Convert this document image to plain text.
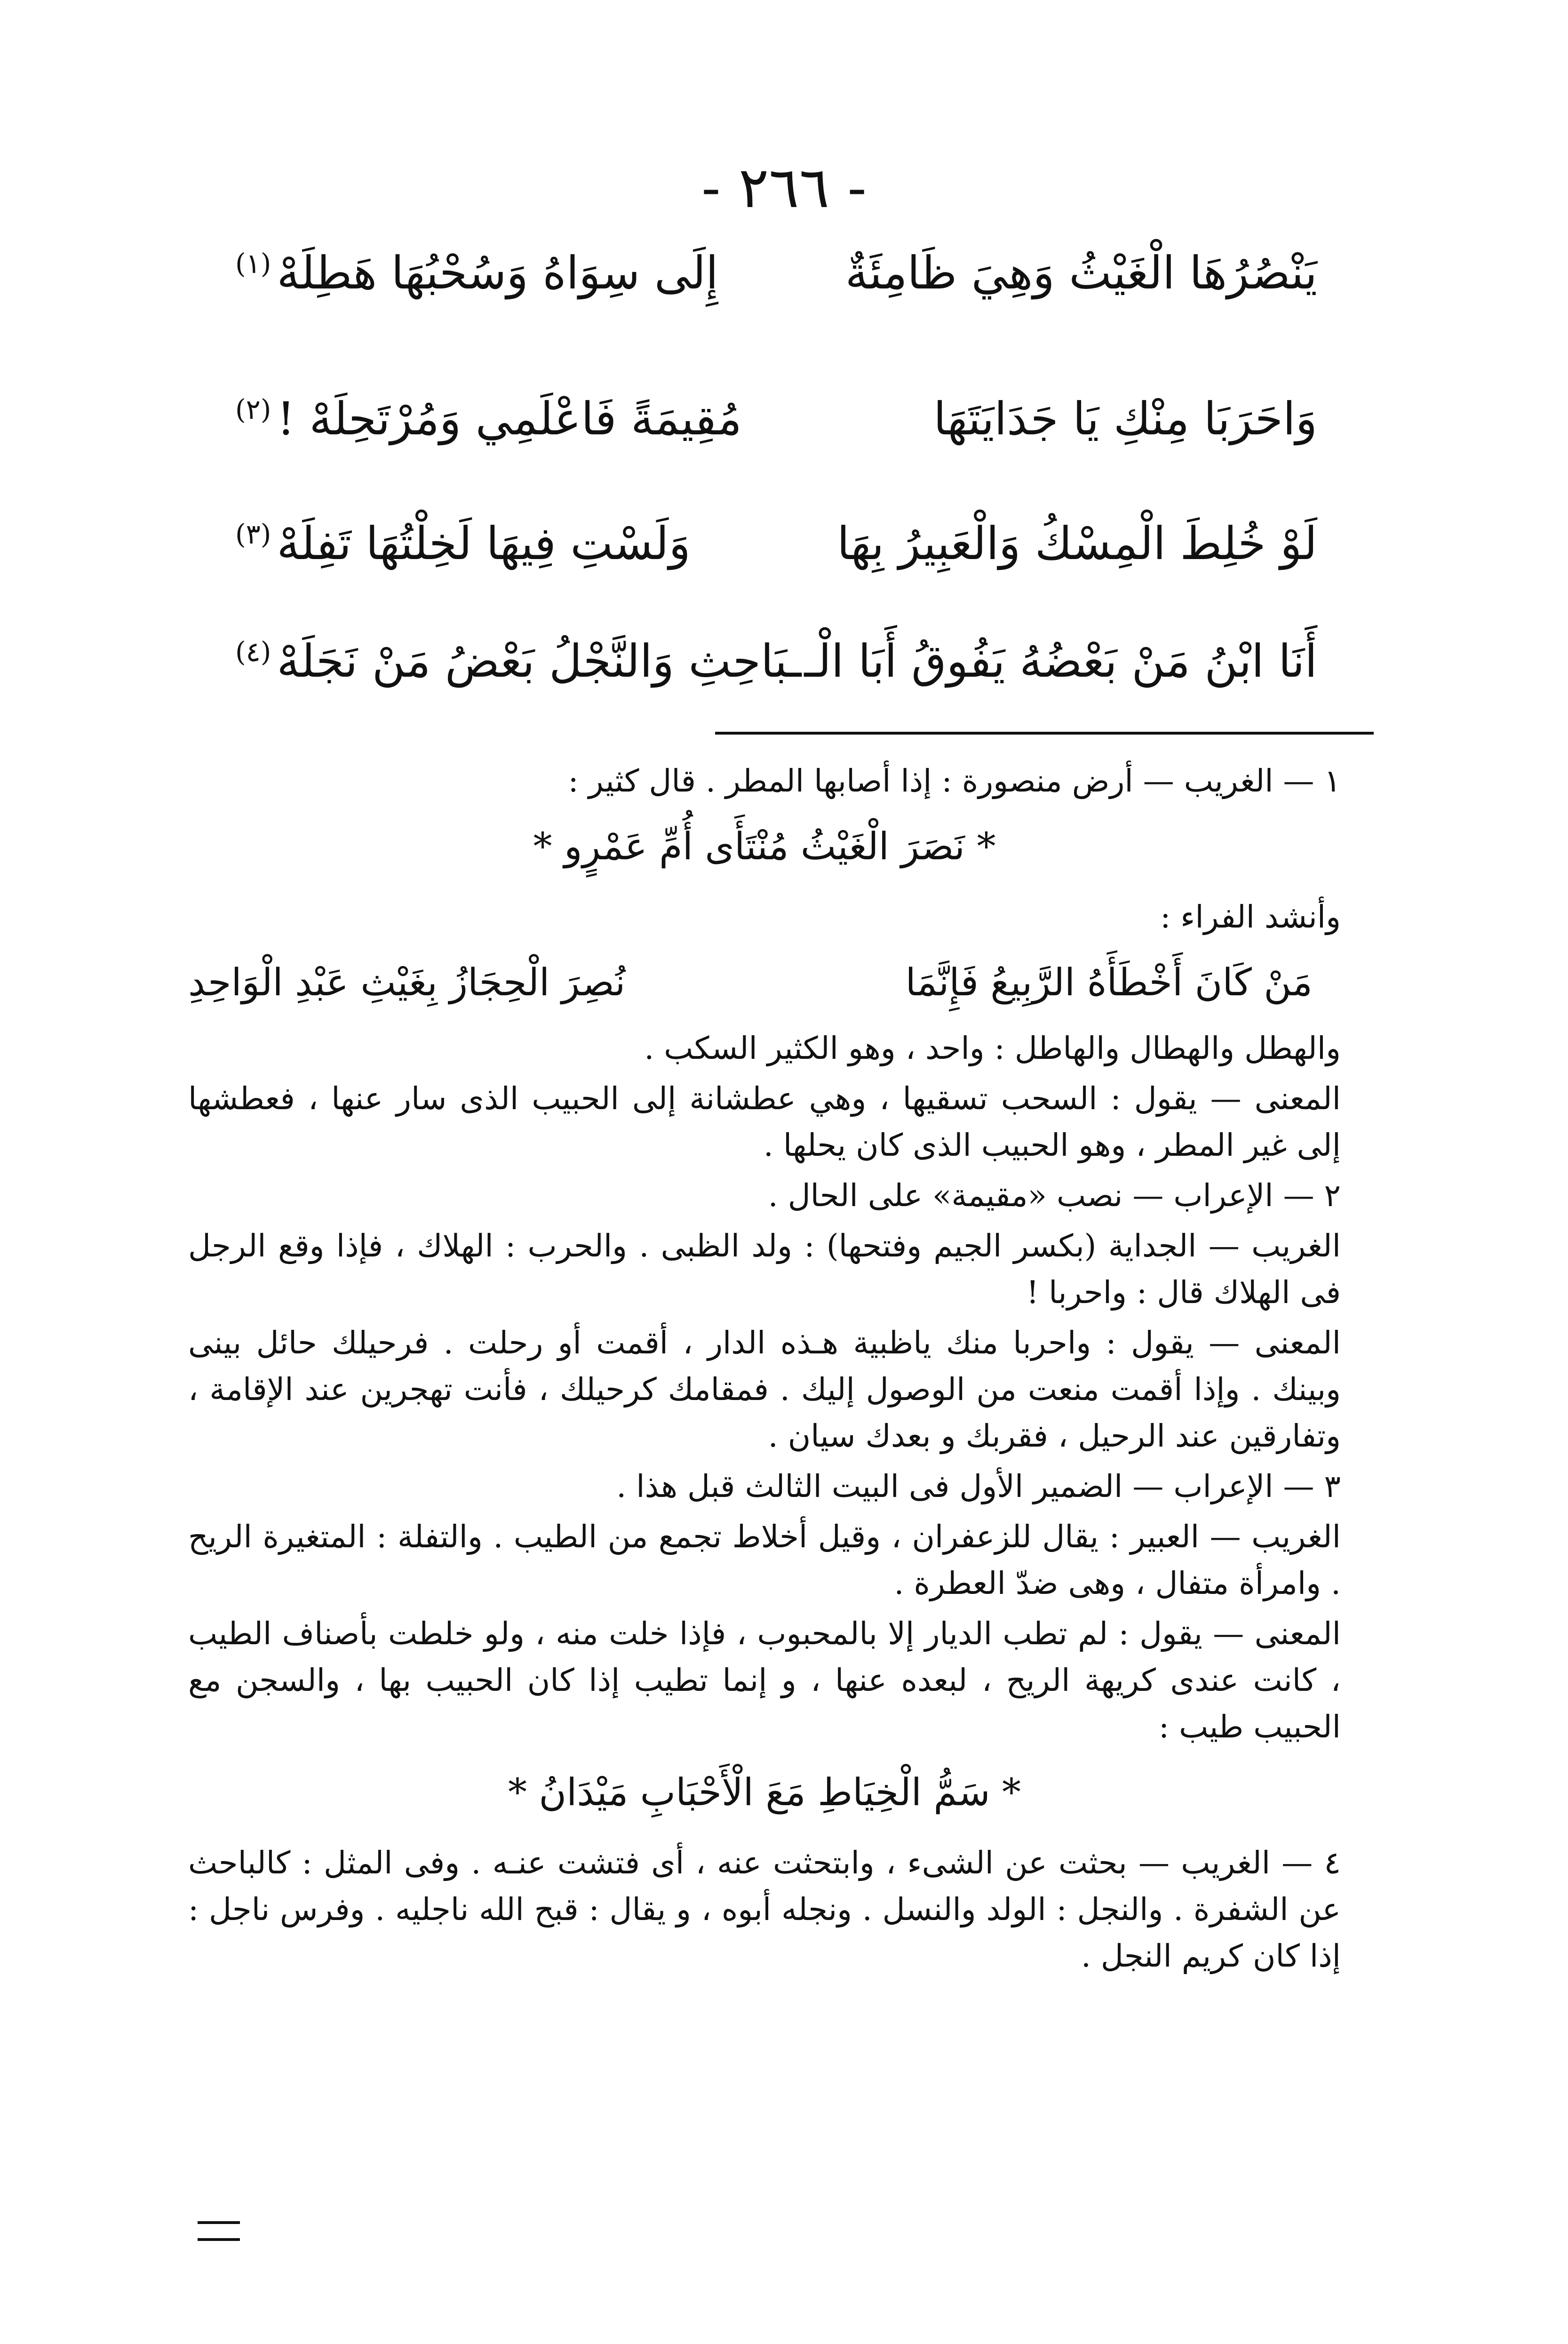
- ٢٦٦ -
يَنْصُرُهَا الْغَيْثُ وَهِيَ ظَامِئَةٌ
إِلَى سِوَاهُ وَسُحْبُهَا هَطِلَهْ$^{(١)}$
وَاحَرَبَا مِنْكِ يَا جَدَايَتَهَا
مُقِيمَةً فَاعْلَمِي وَمُرْتَحِلَهْ !$^{(٢)}$
لَوْ خُلِطَ الْمِسْكُ وَالْعَبِيرُ بِهَا
وَلَسْتِ فِيهَا لَخِلْتُهَا تَفِلَهْ$^{(٣)}$
أَنَا ابْنُ مَنْ بَعْضُهُ يَفُوقُ أَبَا الْـ
ـبَاحِثِ وَالنَّجْلُ بَعْضُ مَنْ نَجَلَهْ$^{(٤)}$

١ — الغريب — أرض منصورة : إذا أصابها المطر . قال كثير :

* نَصَرَ الْغَيْثُ مُنْتَأَى أُمِّ عَمْرٍو *

وأنشد الفراء :

مَنْ كَانَ أَخْطَأَهُ الرَّبِيعُ فَإِنَّمَا
نُصِرَ الْحِجَازُ بِغَيْثِ عَبْدِ الْوَاحِدِ

والهطل والهطال والهاطل : واحد ، وهو الكثير السكب .

المعنى — يقول : السحب تسقيها ، وهي عطشانة إلى الحبيب الذى سار عنها ، فعطشها إلى غير المطر ، وهو الحبيب الذى كان يحلها .

٢ — الإعراب — نصب «مقيمة» على الحال .

الغريب — الجداية (بكسر الجيم وفتحها) : ولد الظبى . والحرب : الهلاك ، فإذا وقع الرجل فى الهلاك قال : واحربا !

المعنى — يقول : واحربا منك ياظبية هـذه الدار ، أقمت أو رحلت . فرحيلك حائل بينى وبينك . وإذا أقمت منعت من الوصول إليك . فمقامك كرحيلك ، فأنت تهجرين عند الإقامة ، وتفارقين عند الرحيل ، فقربك و بعدك سيان .

٣ — الإعراب — الضمير الأول فى البيت الثالث قبل هذا .

الغريب — العبير : يقال للزعفران ، وقيل أخلاط تجمع من الطيب . والتفلة : المتغيرة الريح . وامرأة متفال ، وهى ضدّ العطرة .

المعنى — يقول : لم تطب الديار إلا بالمحبوب ، فإذا خلت منه ، ولو خلطت بأصناف الطيب ، كانت عندى كريهة الريح ، لبعده عنها ، و إنما تطيب إذا كان الحبيب بها ، والسجن مع الحبيب طيب :

* سَمُّ الْخِيَاطِ مَعَ الْأَحْبَابِ مَيْدَانُ *

٤ — الغريب — بحثت عن الشىء ، وابتحثت عنه ، أى فتشت عنـه . وفى المثل : كالباحث عن الشفرة . والنجل : الولد والنسل . ونجله أبوه ، و يقال : قبح الله ناجليه . وفرس ناجل : إذا كان كريم النجل .
